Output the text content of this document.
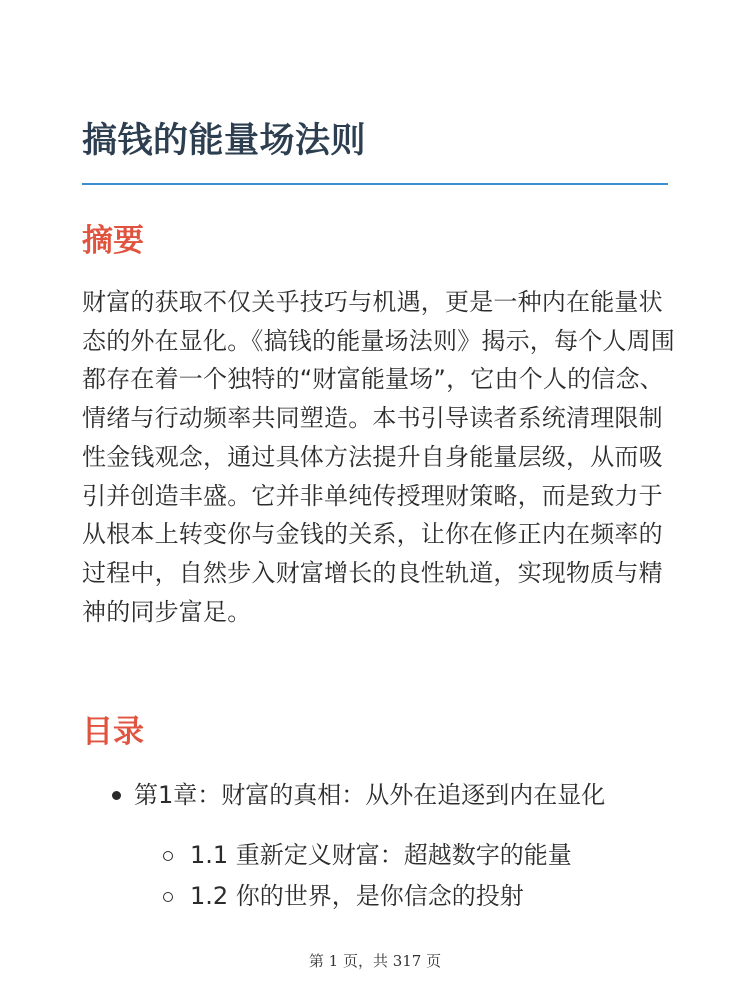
搞钱的能量场法则
摘要

财富的获取不仅关乎技巧与机遇，更是一种内在能量状态的外在显化。《搞钱的能量场法则》揭示，每个人周围都存在着一个独特的“财富能量场”，它由个人的信念、情绪与行动频率共同塑造。本书引导读者系统清理限制性金钱观念，通过具体方法提升自身能量层级，从而吸引并创造丰盛。它并非单纯传授理财策略，而是致力于从根本上转变你与金钱的关系，让你在修正内在频率的过程中，自然步入财富增长的良性轨道，实现物质与精神的同步富足。

目录
第1章：财富的真相：从外在追逐到内在显化
1.1 重新定义财富：超越数字的能量
1.2 你的世界，是你信念的投射
第 1 页，共 317 页
